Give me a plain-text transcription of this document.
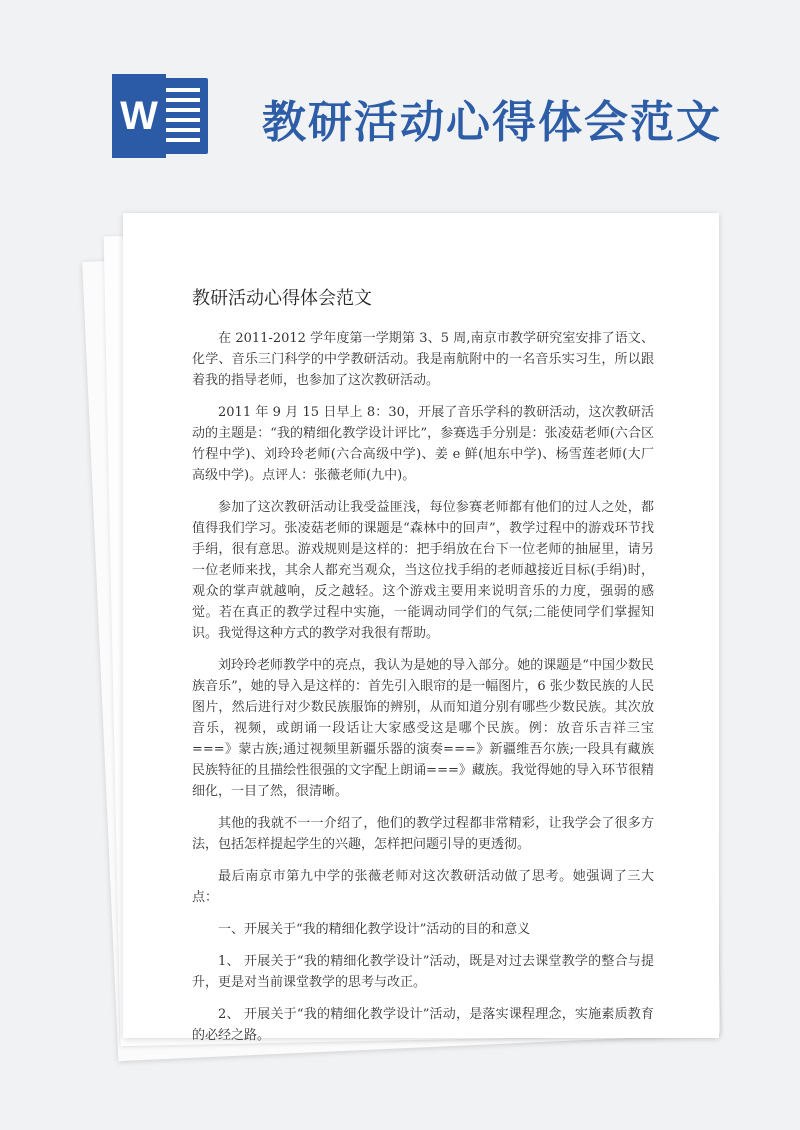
W 教研活动心得体会范文
教研活动心得体会范文

在 2011-2012 学年度第一学期第 3、5 周,南京市教学研究室安排了语文、化学、音乐三门科学的中学教研活动。我是南航附中的一名音乐实习生，所以跟着我的指导老师，也参加了这次教研活动。

2011 年 9 月 15 日早上 8：30，开展了音乐学科的教研活动，这次教研活动的主题是：“我的精细化教学设计评比”，参赛选手分别是：张凌菇老师(六合区竹程中学)、刘玲玲老师(六合高级中学)、姜 e 鲜(旭东中学)、杨雪莲老师(大厂高级中学)。点评人：张薇老师(九中)。

参加了这次教研活动让我受益匪浅，每位参赛老师都有他们的过人之处，都值得我们学习。张凌菇老师的课题是“森林中的回声”，教学过程中的游戏环节找手绢，很有意思。游戏规则是这样的：把手绢放在台下一位老师的抽屉里，请另一位老师来找，其余人都充当观众，当这位找手绢的老师越接近目标(手绢)时，观众的掌声就越响，反之越轻。这个游戏主要用来说明音乐的力度，强弱的感觉。若在真正的教学过程中实施，一能调动同学们的气氛;二能使同学们掌握知识。我觉得这种方式的教学对我很有帮助。

刘玲玲老师教学中的亮点，我认为是她的导入部分。她的课题是“中国少数民族音乐”，她的导入是这样的：首先引入眼帘的是一幅图片，6 张少数民族的人民图片，然后进行对少数民族服饰的辨别，从而知道分别有哪些少数民族。其次放音乐，视频，或朗诵一段话让大家感受这是哪个民族。例：放音乐吉祥三宝===》蒙古族;通过视频里新疆乐器的演奏===》新疆维吾尔族;一段具有藏族民族特征的且描绘性很强的文字配上朗诵===》藏族。我觉得她的导入环节很精细化，一目了然，很清晰。

其他的我就不一一介绍了，他们的教学过程都非常精彩，让我学会了很多方法，包括怎样提起学生的兴趣，怎样把问题引导的更透彻。

最后南京市第九中学的张薇老师对这次教研活动做了思考。她强调了三大点：

一、开展关于“我的精细化教学设计”活动的目的和意义

1、 开展关于“我的精细化教学设计”活动，既是对过去课堂教学的整合与提升，更是对当前课堂教学的思考与改正。

2、 开展关于“我的精细化教学设计”活动，是落实课程理念，实施素质教育的必经之路。
